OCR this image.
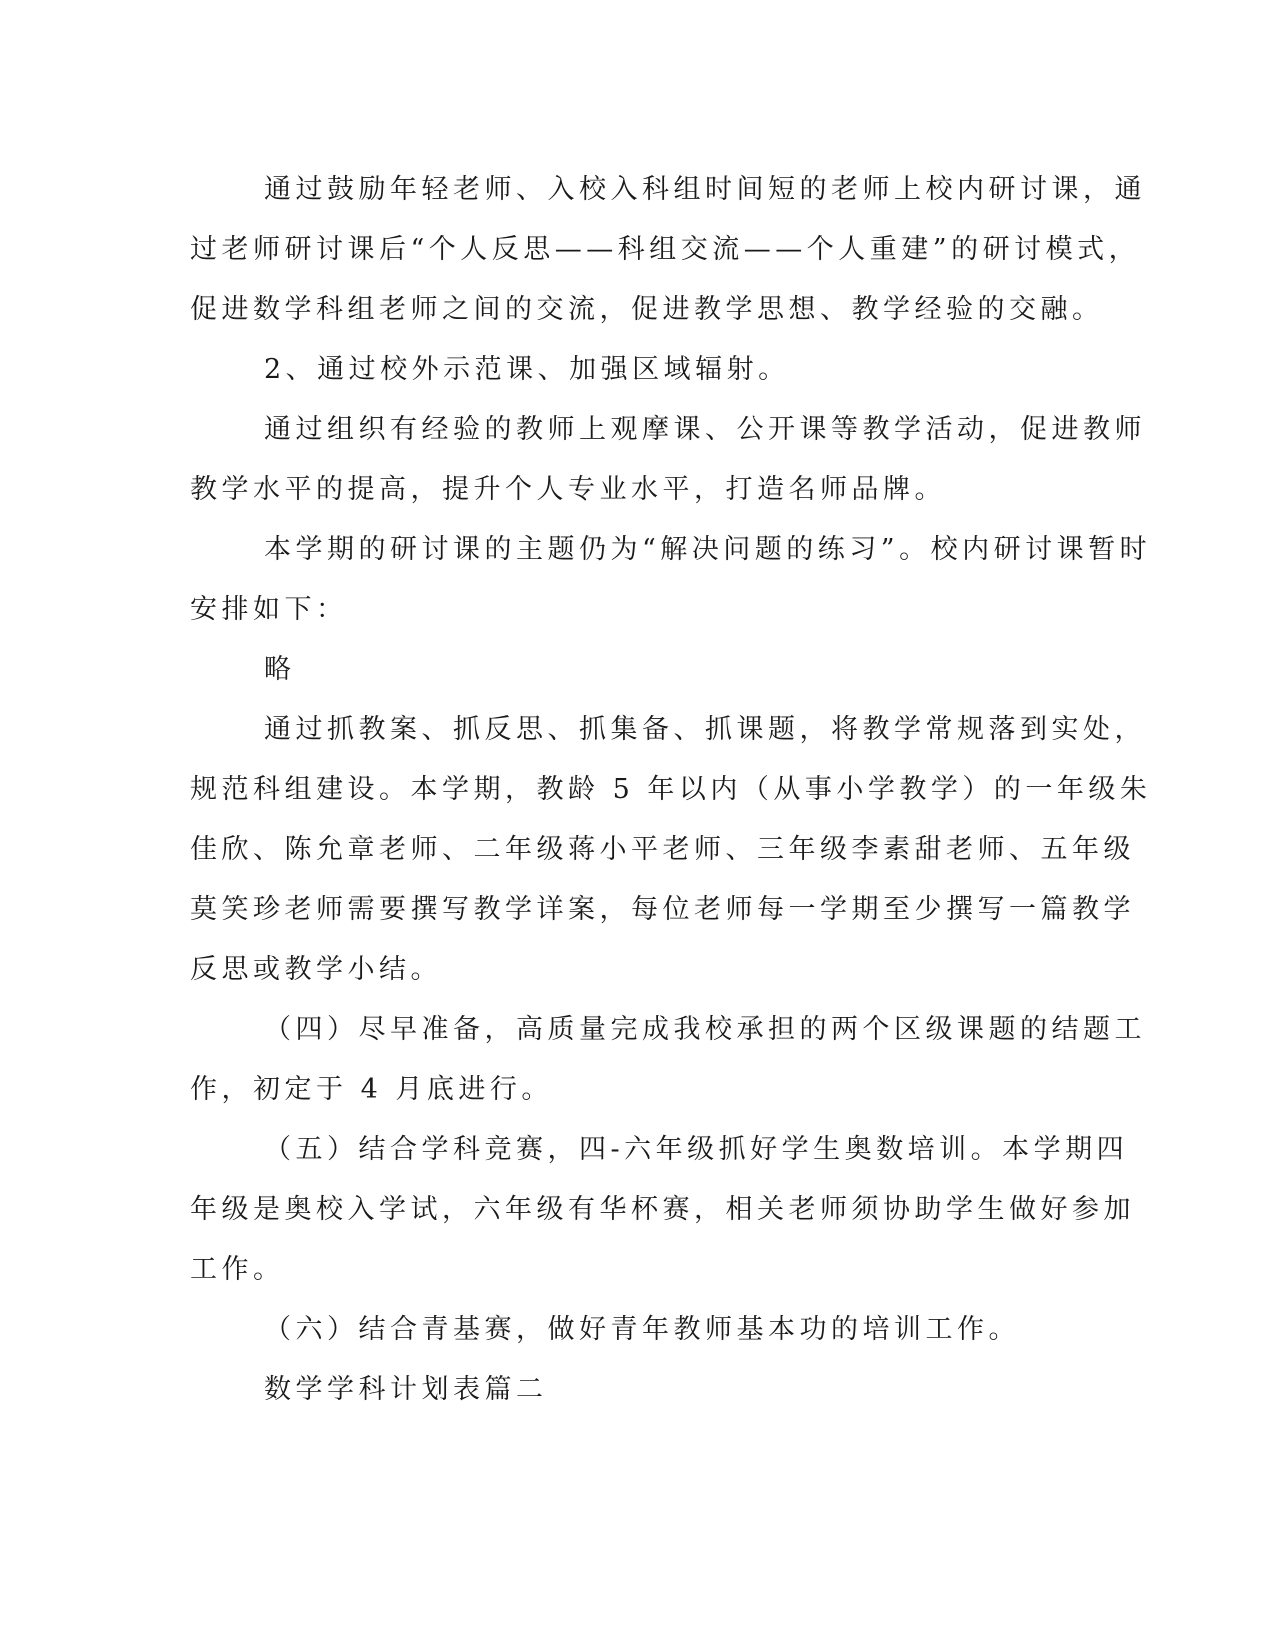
通过鼓励年轻老师、入校入科组时间短的老师上校内研讨课，通
过老师研讨课后“个人反思——科组交流——个人重建”的研讨模式，
促进数学科组老师之间的交流，促进教学思想、教学经验的交融。
2、通过校外示范课、加强区域辐射。
通过组织有经验的教师上观摩课、公开课等教学活动，促进教师
教学水平的提高，提升个人专业水平，打造名师品牌。
本学期的研讨课的主题仍为“解决问题的练习”。校内研讨课暂时
安排如下：
略
通过抓教案、抓反思、抓集备、抓课题，将教学常规落到实处，
规范科组建设。本学期，教龄 5 年以内（从事小学教学）的一年级朱
佳欣、陈允章老师、二年级蒋小平老师、三年级李素甜老师、五年级
莫笑珍老师需要撰写教学详案，每位老师每一学期至少撰写一篇教学
反思或教学小结。
（四）尽早准备，高质量完成我校承担的两个区级课题的结题工
作，初定于 4 月底进行。
（五）结合学科竞赛，四-六年级抓好学生奥数培训。本学期四
年级是奥校入学试，六年级有华杯赛，相关老师须协助学生做好参加
工作。
（六）结合青基赛，做好青年教师基本功的培训工作。
数学学科计划表篇二
